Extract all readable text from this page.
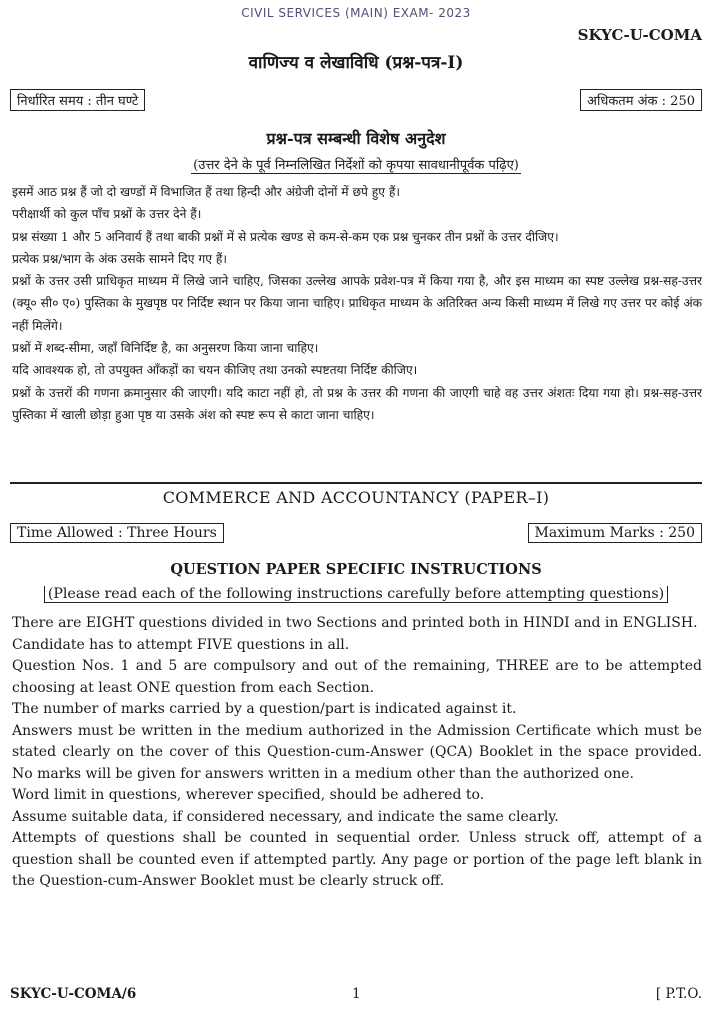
CIVIL SERVICES (MAIN) EXAM- 2023
SKYC-U-COMA
वाणिज्य व लेखाविधि (प्रश्न-पत्र-I)
निर्धारित समय : तीन घण्टे	अधिकतम अंक : 250
प्रश्न-पत्र सम्बन्धी विशेष अनुदेश
(उत्तर देने के पूर्व निम्नलिखित निर्देशों को कृपया सावधानीपूर्वक पढ़िए)

इसमें आठ प्रश्न हैं जो दो खण्डों में विभाजित हैं तथा हिन्दी और अंग्रेजी दोनों में छपे हुए हैं।

परीक्षार्थी को कुल पाँच प्रश्नों के उत्तर देने हैं।

प्रश्न संख्या 1 और 5 अनिवार्य हैं तथा बाकी प्रश्नों में से प्रत्येक खण्ड से कम-से-कम एक प्रश्न चुनकर तीन प्रश्नों के उत्तर दीजिए।

प्रत्येक प्रश्न/भाग के अंक उसके सामने दिए गए हैं।

प्रश्नों के उत्तर उसी प्राधिकृत माध्यम में लिखे जाने चाहिए, जिसका उल्लेख आपके प्रवेश-पत्र में किया गया है, और इस माध्यम का स्पष्ट उल्लेख प्रश्न-सह-उत्तर (क्यू० सी० ए०) पुस्तिका के मुखपृष्ठ पर निर्दिष्ट स्थान पर किया जाना चाहिए। प्राधिकृत माध्यम के अतिरिक्त अन्य किसी माध्यम में लिखे गए उत्तर पर कोई अंक नहीं मिलेंगे।

प्रश्नों में शब्द-सीमा, जहाँ विनिर्दिष्ट है, का अनुसरण किया जाना चाहिए।

यदि आवश्यक हो, तो उपयुक्त आँकड़ों का चयन कीजिए तथा उनको स्पष्टतया निर्दिष्ट कीजिए।

प्रश्नों के उत्तरों की गणना क्रमानुसार की जाएगी। यदि काटा नहीं हो, तो प्रश्न के उत्तर की गणना की जाएगी चाहे वह उत्तर अंशतः दिया गया हो। प्रश्न-सह-उत्तर पुस्तिका में खाली छोड़ा हुआ पृष्ठ या उसके अंश को स्पष्ट रूप से काटा जाना चाहिए।

COMMERCE AND ACCOUNTANCY (PAPER–I)
Time Allowed : Three Hours	Maximum Marks : 250
QUESTION PAPER SPECIFIC INSTRUCTIONS
(Please read each of the following instructions carefully before attempting questions)

There are EIGHT questions divided in two Sections and printed both in HINDI and in ENGLISH.

Candidate has to attempt FIVE questions in all.

Question Nos. 1 and 5 are compulsory and out of the remaining, THREE are to be attempted choosing at least ONE question from each Section.

The number of marks carried by a question/part is indicated against it.

Answers must be written in the medium authorized in the Admission Certificate which must be stated clearly on the cover of this Question-cum-Answer (QCA) Booklet in the space provided. No marks will be given for answers written in a medium other than the authorized one.

Word limit in questions, wherever specified, should be adhered to.

Assume suitable data, if considered necessary, and indicate the same clearly.

Attempts of questions shall be counted in sequential order. Unless struck off, attempt of a question shall be counted even if attempted partly. Any page or portion of the page left blank in the Question-cum-Answer Booklet must be clearly struck off.

SKYC-U-COMA/6	1	[ P.T.O.
